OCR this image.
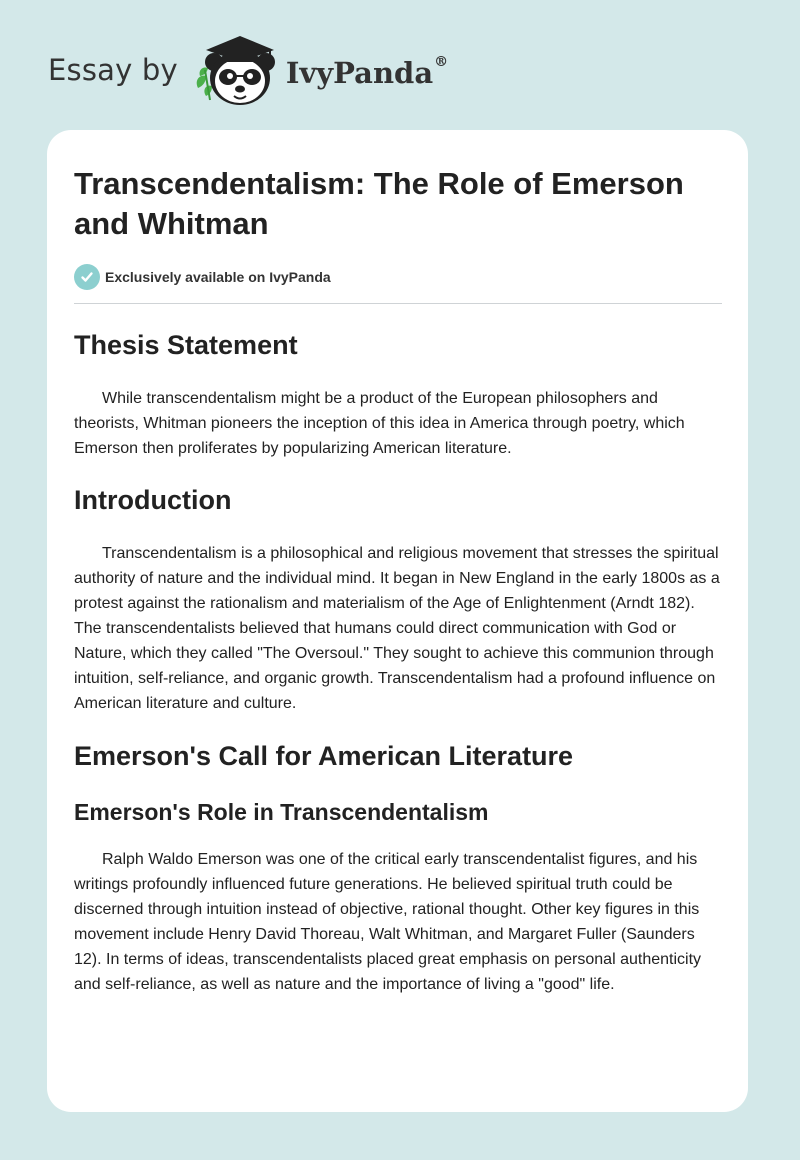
Essay by	IvyPanda®
Transcendentalism: The Role of Emerson and Whitman
Exclusively available on IvyPanda
Thesis Statement

While transcendentalism might be a product of the European philosophers and theorists, Whitman pioneers the inception of this idea in America through poetry, which Emerson then proliferates by popularizing American literature.

Introduction

Transcendentalism is a philosophical and religious movement that stresses the spiritual authority of nature and the individual mind. It began in New England in the early 1800s as a protest against the rationalism and materialism of the Age of Enlightenment (Arndt 182). The transcendentalists believed that humans could direct communication with God or Nature, which they called "The Oversoul." They sought to achieve this communion through intuition, self-reliance, and organic growth. Transcendentalism had a profound influence on American literature and culture.

Emerson's Call for American Literature
Emerson's Role in Transcendentalism

Ralph Waldo Emerson was one of the critical early transcendentalist figures, and his writings profoundly influenced future generations. He believed spiritual truth could be discerned through intuition instead of objective, rational thought. Other key figures in this movement include Henry David Thoreau, Walt Whitman, and Margaret Fuller (Saunders 12). In terms of ideas, transcendentalists placed great emphasis on personal authenticity and self-reliance, as well as nature and the importance of living a "good" life.
